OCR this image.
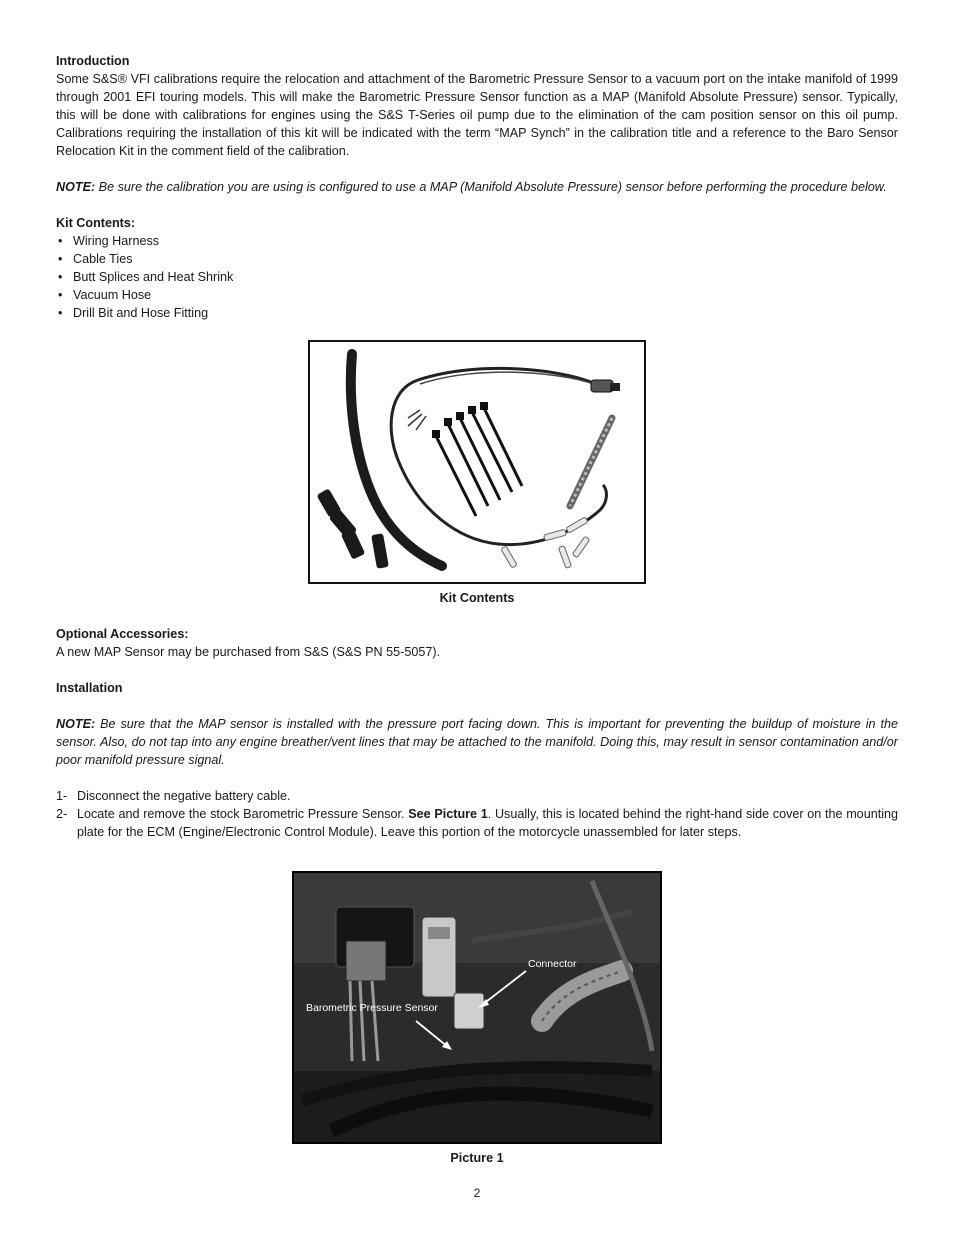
Introduction
Some S&S® VFI calibrations require the relocation and attachment of the Barometric Pressure Sensor to a vacuum port on the intake manifold of 1999 through 2001 EFI touring models. This will make the Barometric Pressure Sensor function as a MAP (Manifold Absolute Pressure) sensor. Typically, this will be done with calibrations for engines using the S&S T-Series oil pump due to the elimination of the cam position sensor on this oil pump. Calibrations requiring the installation of this kit will be indicated with the term “MAP Synch” in the calibration title and a reference to the Baro Sensor Relocation Kit in the comment field of the calibration.
NOTE: Be sure the calibration you are using is configured to use a MAP (Manifold Absolute Pressure) sensor before performing the procedure below.
Kit Contents:
• Wiring Harness
• Cable Ties
• Butt Splices and Heat Shrink
• Vacuum Hose
• Drill Bit and Hose Fitting
Kit Contents
Optional Accessories:
A new MAP Sensor may be purchased from S&S (S&S PN 55-5057).
Installation
NOTE: Be sure that the MAP sensor is installed with the pressure port facing down. This is important for preventing the buildup of moisture in the sensor. Also, do not tap into any engine breather/vent lines that may be attached to the manifold. Doing this, may result in sensor contamination and/or poor manifold pressure signal.
1- Disconnect the negative battery cable.
2- Locate and remove the stock Barometric Pressure Sensor. See Picture 1. Usually, this is located behind the right-hand side cover on the mounting plate for the ECM (Engine/Electronic Control Module). Leave this portion of the motorcycle unassembled for later steps.
Connector
Barometric Pressure Sensor
Picture 1
2
